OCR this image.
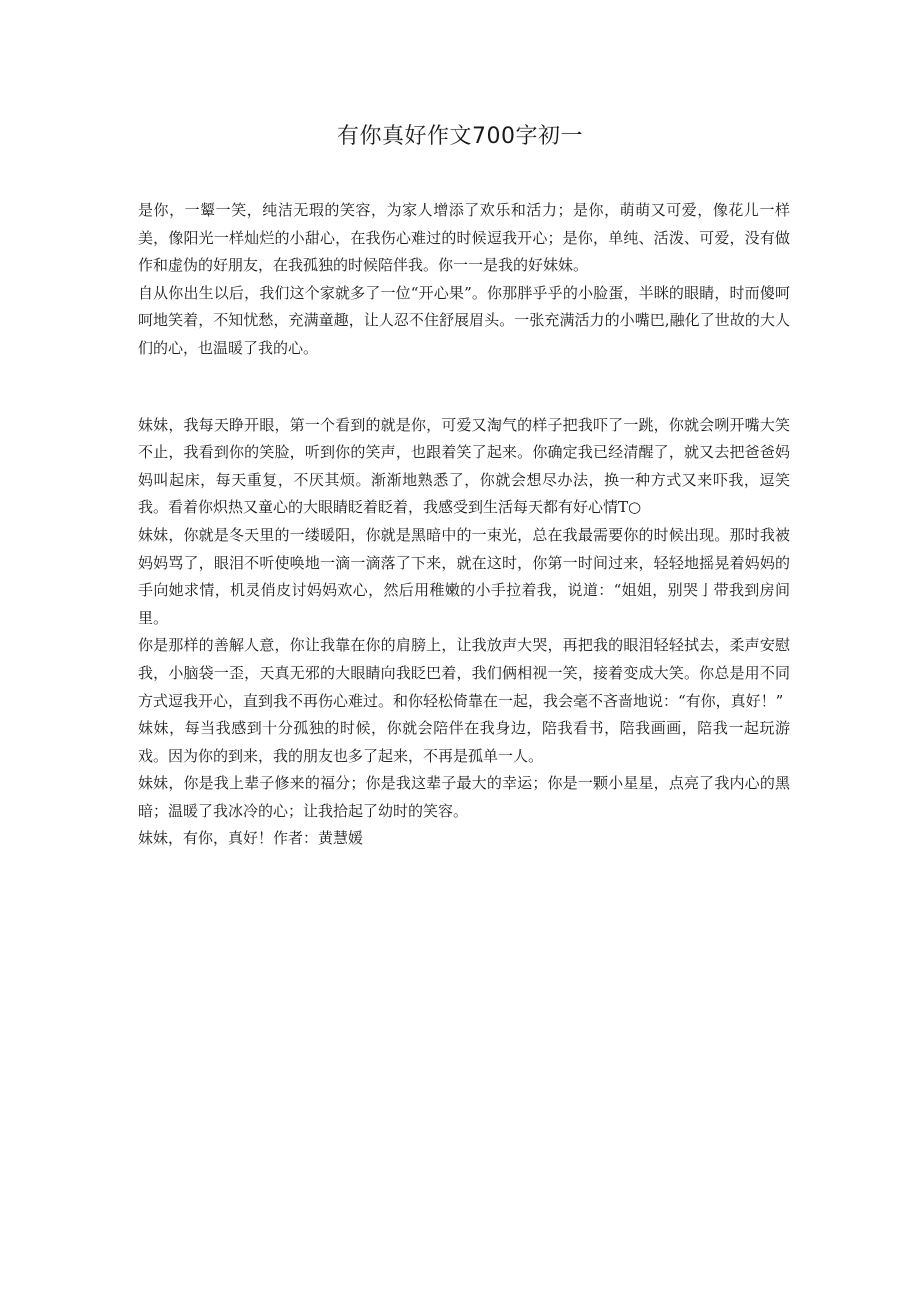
有你真好作文700字初一

是你，一颦一笑，纯洁无瑕的笑容，为家人增添了欢乐和活力；是你，萌萌又可爱，像花儿一样美，像阳光一样灿烂的小甜心，在我伤心难过的时候逗我开心；是你，单纯、活泼、可爱，没有做作和虚伪的好朋友，在我孤独的时候陪伴我。你一一是我的好妹妹。

自从你出生以后，我们这个家就多了一位“开心果”。你那胖乎乎的小脸蛋，半眯的眼睛，时而傻呵呵地笑着，不知忧愁，充满童趣，让人忍不住舒展眉头。一张充满活力的小嘴巴,融化了世故的大人们的心，也温暖了我的心。

妹妹，我每天睁开眼，第一个看到的就是你，可爱又淘气的样子把我吓了一跳，你就会咧开嘴大笑不止，我看到你的笑脸，听到你的笑声，也跟着笑了起来。你确定我已经清醒了，就又去把爸爸妈妈叫起床，每天重复，不厌其烦。渐渐地熟悉了，你就会想尽办法，换一种方式又来吓我，逗笑我。看着你炽热又童心的大眼睛眨着眨着，我感受到生活每天都有好心情T○

妹妹，你就是冬天里的一缕暖阳，你就是黑暗中的一束光，总在我最需要你的时候出现。那时我被妈妈骂了，眼泪不听使唤地一滴一滴落了下来，就在这时，你第一时间过来，轻轻地摇晃着妈妈的手向她求情，机灵俏皮讨妈妈欢心，然后用稚嫩的小手拉着我，说道：“姐姐，别哭亅带我到房间里。

你是那样的善解人意，你让我靠在你的肩膀上，让我放声大哭，再把我的眼泪轻轻拭去，柔声安慰我，小脑袋一歪，天真无邪的大眼睛向我眨巴着，我们俩相视一笑，接着变成大笑。你总是用不同方式逗我开心，直到我不再伤心难过。和你轻松倚靠在一起，我会毫不吝啬地说：“有你，真好！”

妹妹，每当我感到十分孤独的时候，你就会陪伴在我身边，陪我看书，陪我画画，陪我一起玩游戏。因为你的到来，我的朋友也多了起来，不再是孤单一人。

妹妹，你是我上辈子修来的福分；你是我这辈子最大的幸运；你是一颗小星星，点亮了我内心的黑暗；温暖了我冰冷的心；让我拾起了幼时的笑容。

妹妹，有你，真好！作者：黄慧媛
